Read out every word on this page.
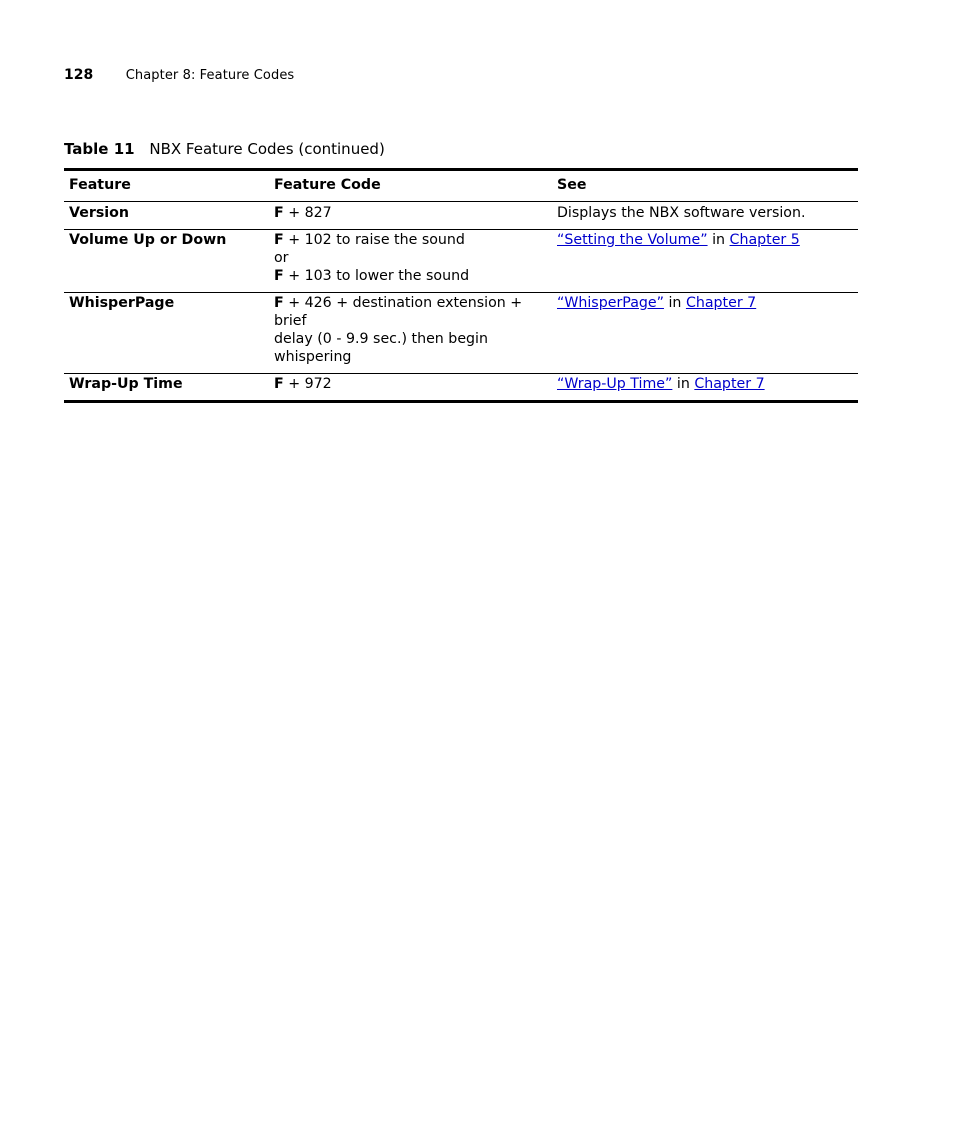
128 Chapter 8: Feature Codes
Table 11 NBX Feature Codes (continued)
Feature	Feature Code	See
Version	F + 827	Displays the NBX software version.
Volume Up or Down	F + 102 to raise the sound
or
F + 103 to lower the sound	“Setting the Volume” in Chapter 5
WhisperPage	F + 426 + destination extension + brief
delay (0 - 9.9 sec.) then begin whispering	“WhisperPage” in Chapter 7
Wrap-Up Time	F + 972	“Wrap-Up Time” in Chapter 7
